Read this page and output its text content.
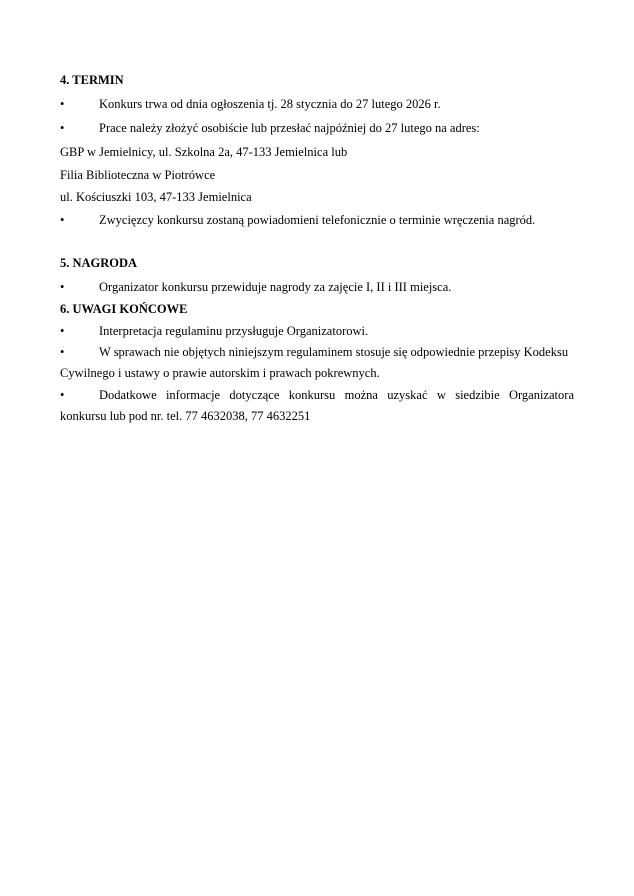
4. TERMIN
•	Konkurs trwa od dnia ogłoszenia tj. 28 stycznia do 27 lutego 2026 r.
•	Prace należy złożyć osobiście lub przesłać najpóźniej do 27 lutego na adres:
GBP w Jemielnicy, ul. Szkolna 2a, 47-133 Jemielnica lub
Filia Biblioteczna w Piotrówce
ul. Kościuszki 103, 47-133 Jemielnica
•	Zwycięzcy konkursu zostaną powiadomieni telefonicznie o terminie wręczenia nagród.
5. NAGRODA
•	Organizator konkursu przewiduje nagrody za zajęcie I, II i III miejsca.
6. UWAGI KOŃCOWE
•	Interpretacja regulaminu przysługuje Organizatorowi.
•	W sprawach nie objętych niniejszym regulaminem stosuje się odpowiednie przepisy Kodeksu
Cywilnego i ustawy o prawie autorskim i prawach pokrewnych.
•	Dodatkowe informacje dotyczące konkursu można uzyskać w siedzibie Organizatora
konkursu lub pod nr. tel. 77 4632038, 77 4632251
